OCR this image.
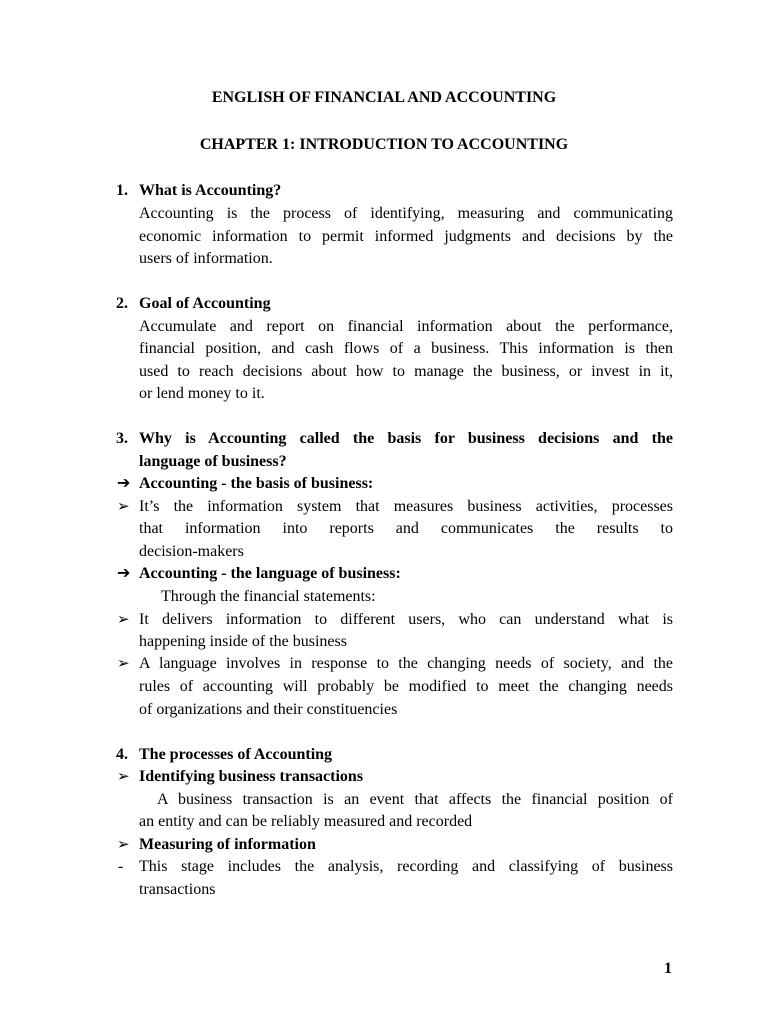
ENGLISH OF FINANCIAL AND ACCOUNTING
CHAPTER 1: INTRODUCTION TO ACCOUNTING
1. What is Accounting?
Accounting is the process of identifying, measuring and communicating
economic information to permit informed judgments and decisions by the
users of information.
2. Goal of Accounting
Accumulate and report on financial information about the performance,
financial position, and cash flows of a business. This information is then
used to reach decisions about how to manage the business, or invest in it,
or lend money to it.
3. Why is Accounting called the basis for business decisions and the
language of business?
➔ Accounting - the basis of business:
➢ It’s the information system that measures business activities, processes
that information into reports and communicates the results to
decision-makers
➔ Accounting - the language of business:
Through the financial statements:
➢ It delivers information to different users, who can understand what is
happening inside of the business
➢ A language involves in response to the changing needs of society, and the
rules of accounting will probably be modified to meet the changing needs
of organizations and their constituencies
4. The processes of Accounting
➢ Identifying business transactions
A business transaction is an event that affects the financial position of
an entity and can be reliably measured and recorded
➢ Measuring of information
- This stage includes the analysis, recording and classifying of business
transactions
1
